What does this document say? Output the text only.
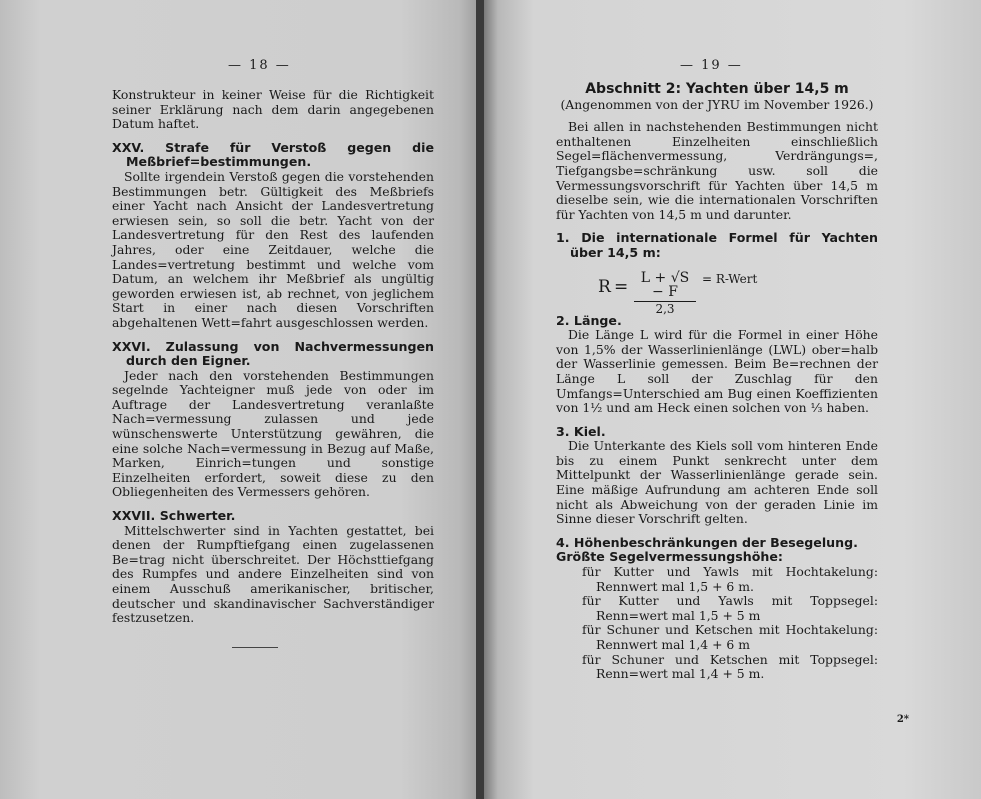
— 18 —

Konstrukteur in keiner Weise für die Richtigkeit seiner Erklärung nach dem darin angegebenen Datum haftet.

XXV. Strafe für Verstoß gegen die Meßbrief=bestimmungen.

Sollte irgendein Verstoß gegen die vorstehenden Bestimmungen betr. Gültigkeit des Meßbriefs einer Yacht nach Ansicht der Landesvertretung erwiesen sein, so soll die betr. Yacht von der Landesvertretung für den Rest des laufenden Jahres, oder eine Zeitdauer, welche die Landes=vertretung bestimmt und welche vom Datum, an welchem ihr Meßbrief als ungültig geworden erwiesen ist, ab rechnet, von jeglichem Start in einer nach diesen Vorschriften abgehaltenen Wett=fahrt ausgeschlossen werden.

XXVI. Zulassung von Nachvermessungen durch den Eigner.

Jeder nach den vorstehenden Bestimmungen segelnde Yachteigner muß jede von oder im Auftrage der Landesvertretung veranlaßte Nach=vermessung zulassen und jede wünschenswerte Unterstützung gewähren, die eine solche Nach=vermessung in Bezug auf Maße, Marken, Einrich=tungen und sonstige Einzelheiten erfordert, soweit diese zu den Obliegenheiten des Vermessers gehören.

XXVII. Schwerter.

Mittelschwerter sind in Yachten gestattet, bei denen der Rumpftiefgang einen zugelassenen Be=trag nicht überschreitet. Der Höchsttiefgang des Rumpfes und andere Einzelheiten sind von einem Ausschuß amerikanischer, britischer, deutscher und skandinavischer Sachverständiger festzusetzen.

— 19 —
Abschnitt 2: Yachten über 14,5 m

(Angenommen von der JYRU im November 1926.)

Bei allen in nachstehenden Bestimmungen nicht enthaltenen Einzelheiten einschließlich Segel=flächenvermessung, Verdrängungs=, Tiefgangsbe=schränkung usw. soll die Vermessungsvorschrift für Yachten über 14,5 m dieselbe sein, wie die internationalen Vorschriften für Yachten von 14,5 m und darunter.

1. Die internationale Formel für Yachten über 14,5 m:
$R = \frac{L + √S - F}{2,3}$ = R-Wert
2. Länge.

Die Länge L wird für die Formel in einer Höhe von 1,5% der Wasserlinienlänge (LWL) ober=halb der Wasserlinie gemessen. Beim Be=rechnen der Länge L soll der Zuschlag für den Umfangs=Unterschied am Bug einen Koeffizienten von 1½ und am Heck einen solchen von ⅓ haben.

3. Kiel.

Die Unterkante des Kiels soll vom hinteren Ende bis zu einem Punkt senkrecht unter dem Mittelpunkt der Wasserlinienlänge gerade sein. Eine mäßige Aufrundung am achteren Ende soll nicht als Abweichung von der geraden Linie im Sinne dieser Vorschrift gelten.

4. Höhenbeschränkungen der Besegelung.
Größte Segelvermessungshöhe:

für Kutter und Yawls mit Hochtakelung: Rennwert mal 1,5 + 6 m.

für Kutter und Yawls mit Toppsegel: Renn=wert mal 1,5 + 5 m

für Schuner und Ketschen mit Hochtakelung: Rennwert mal 1,4 + 6 m

für Schuner und Ketschen mit Toppsegel: Renn=wert mal 1,4 + 5 m.

2*
